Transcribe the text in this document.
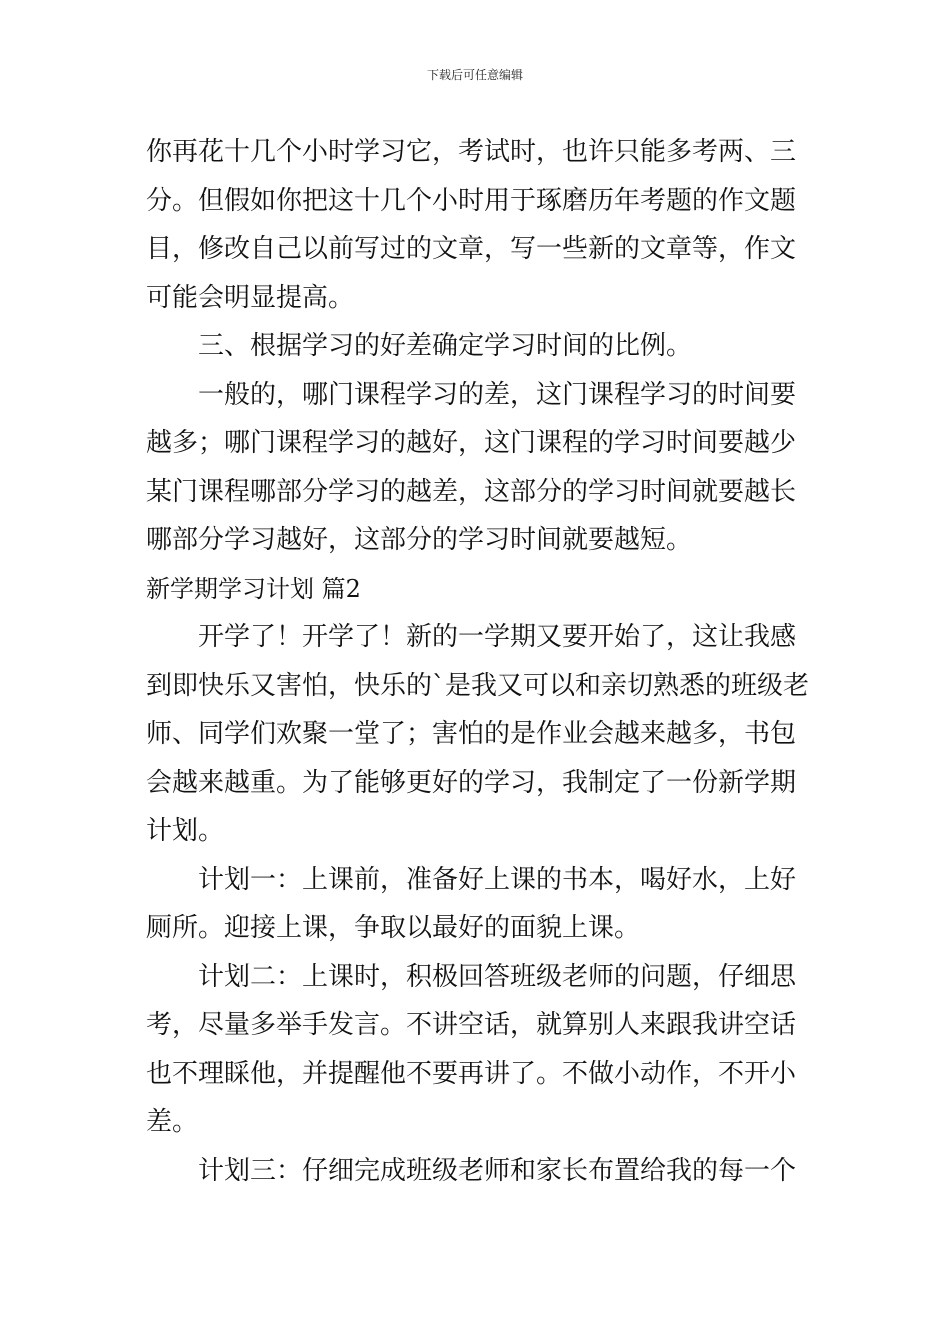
下载后可任意编辑
你再花十几个小时学习它，考试时，也许只能多考两、三
分。但假如你把这十几个小时用于琢磨历年考题的作文题
目，修改自己以前写过的文章，写一些新的文章等，作文
可能会明显提高。
三、根据学习的好差确定学习时间的比例。
一般的，哪门课程学习的差，这门课程学习的时间要
越多；哪门课程学习的越好，这门课程的学习时间要越少
某门课程哪部分学习的越差，这部分的学习时间就要越长
哪部分学习越好，这部分的学习时间就要越短。
新学期学习计划 篇2
开学了！开学了！新的一学期又要开始了，这让我感
到即快乐又害怕，快乐的`是我又可以和亲切熟悉的班级老
师、同学们欢聚一堂了；害怕的是作业会越来越多，书包
会越来越重。为了能够更好的学习，我制定了一份新学期
计划。
计划一：上课前，准备好上课的书本，喝好水，上好
厕所。迎接上课，争取以最好的面貌上课。
计划二：上课时，积极回答班级老师的问题，仔细思
考，尽量多举手发言。不讲空话，就算别人来跟我讲空话
也不理睬他，并提醒他不要再讲了。不做小动作，不开小
差。
计划三：仔细完成班级老师和家长布置给我的每一个
